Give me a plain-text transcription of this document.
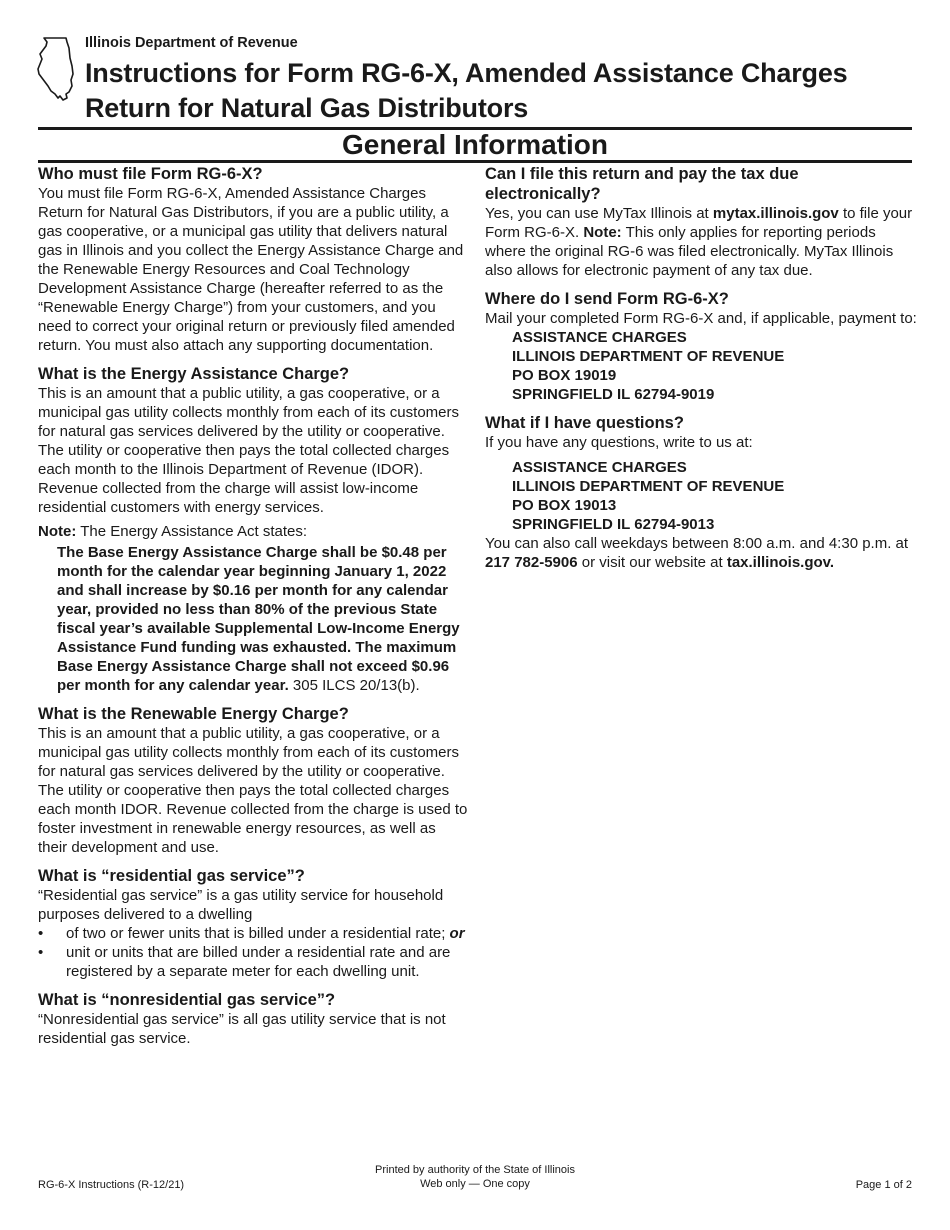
Illinois Department of Revenue
Instructions for Form RG-6-X, Amended Assistance Charges
Return for Natural Gas Distributors
General Information
Who must file Form RG-6-X?

You must file Form RG-6-X, Amended Assistance Charges Return for Natural Gas Distributors, if you are a public utility, a gas cooperative, or a municipal gas utility that delivers natural gas in Illinois and you collect the Energy Assistance Charge and the Renewable Energy Resources and Coal Technology Development Assistance Charge (hereafter referred to as the “Renewable Energy Charge”) from your customers, and you need to correct your original return or previously filed amended return. You must also attach any supporting documentation.

What is the Energy Assistance Charge?

This is an amount that a public utility, a gas cooperative, or a municipal gas utility collects monthly from each of its customers for natural gas services delivered by the utility or cooperative. The utility or cooperative then pays the total collected charges each month to the Illinois Department of Revenue (IDOR). Revenue collected from the charge will assist low-income residential customers with energy services.

Note: The Energy Assistance Act states:

The Base Energy Assistance Charge shall be $0.48 per month for the calendar year beginning January 1, 2022 and shall increase by $0.16 per month for any calendar year, provided no less than 80% of the previous State fiscal year’s available Supplemental Low-Income Energy Assistance Fund funding was exhausted. The maximum Base Energy Assistance Charge shall not exceed $0.96 per month for any calendar year. 305 ILCS 20/13(b).

What is the Renewable Energy Charge?

This is an amount that a public utility, a gas cooperative, or a municipal gas utility collects monthly from each of its customers for natural gas services delivered by the utility or cooperative. The utility or cooperative then pays the total collected charges each month IDOR. Revenue collected from the charge is used to foster investment in renewable energy resources, as well as their development and use.

What is “residential gas service”?

“Residential gas service” is a gas utility service for household purposes delivered to a dwelling

• of two or fewer units that is billed under a residential rate; or
• unit or units that are billed under a residential rate and are registered by a separate meter for each dwelling unit.
What is “nonresidential gas service”?

“Nonresidential gas service” is all gas utility service that is not residential gas service.

Can I file this return and pay the tax due electronically?

Yes, you can use MyTax Illinois at mytax.illinois.gov to file your Form RG-6-X. Note: This only applies for reporting periods where the original RG-6 was filed electronically. MyTax Illinois also allows for electronic payment of any tax due.

Where do I send Form RG-6-X?

Mail your completed Form RG-6-X and, if applicable, payment to:

ASSISTANCE CHARGES
ILLINOIS DEPARTMENT OF REVENUE
PO BOX 19019
SPRINGFIELD IL 62794-9019
What if I have questions?

If you have any questions, write to us at:

ASSISTANCE CHARGES
ILLINOIS DEPARTMENT OF REVENUE
PO BOX 19013
SPRINGFIELD IL 62794-9013

You can also call weekdays between 8:00 a.m. and 4:30 p.m. at 217 782-5906 or visit our website at tax.illinois.gov.

RG-6-X Instructions (R-12/21)
Printed by authority of the State of Illinois
Web only — One copy	Page 1 of 2
